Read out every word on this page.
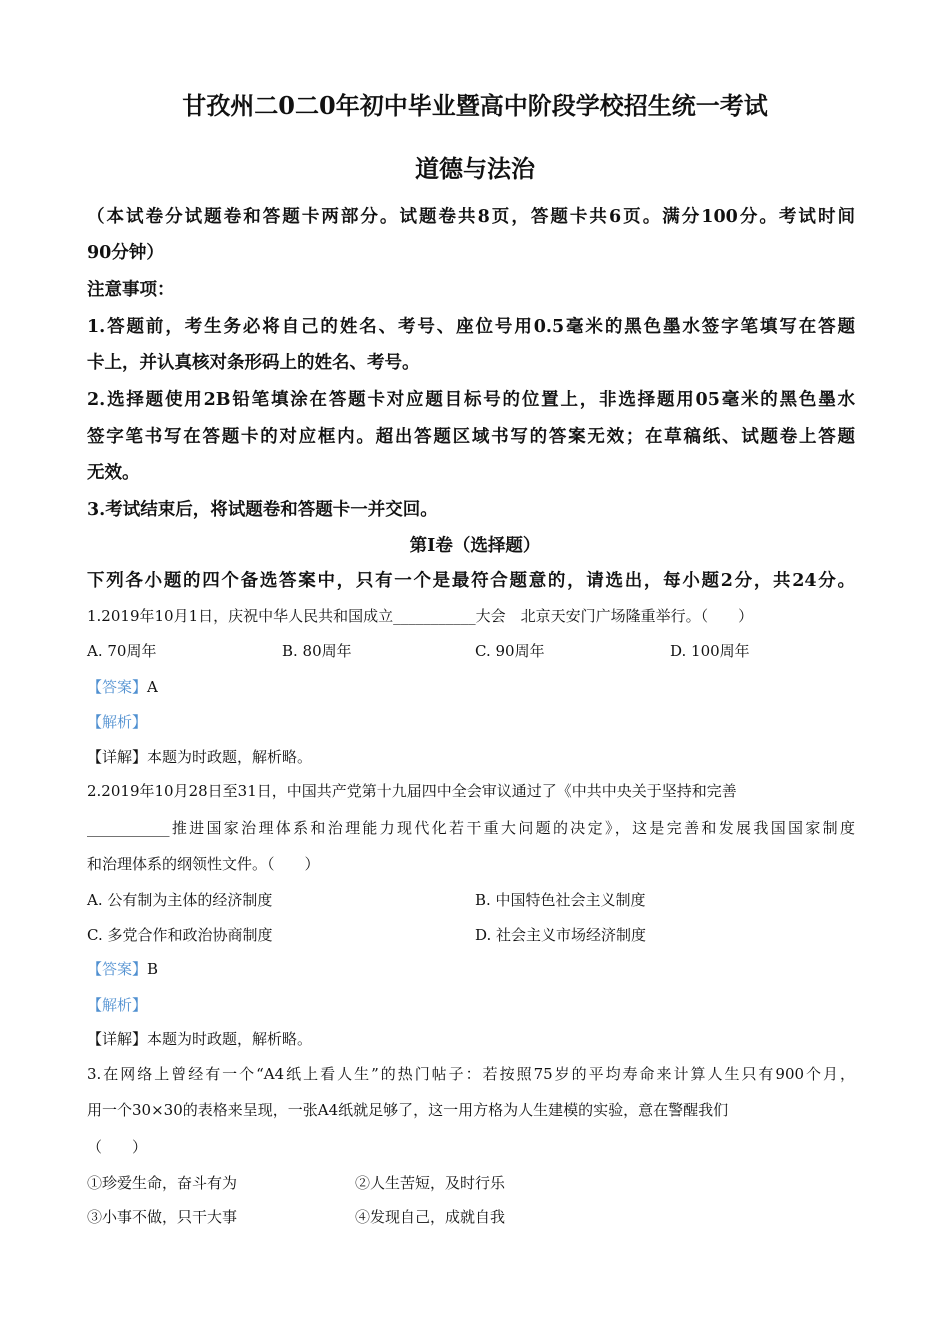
甘孜州二0二0年初中毕业暨高中阶段学校招生统一考试
道德与法治
（本试卷分试题卷和答题卡两部分。试题卷共8页，答题卡共6页。满分100分。考试时间
90分钟）
注意事项：
1.答题前，考生务必将自己的姓名、考号、座位号用0.5毫米的黑色墨水签字笔填写在答题
卡上，并认真核对条形码上的姓名、考号。
2.选择题使用2B铅笔填涂在答题卡对应题目标号的位置上，非选择题用05毫米的黑色墨水
签字笔书写在答题卡的对应框内。超出答题区域书写的答案无效；在草稿纸、试题卷上答题
无效。
3.考试结束后，将试题卷和答题卡一并交回。
第I卷（选择题）
下列各小题的四个备选答案中，只有一个是最符合题意的，请选出，每小题2分，共24分。
1.2019年10月1日，庆祝中华人民共和国成立___________大会　北京天安门广场隆重举行。（　　）
A. 70周年	B. 80周年	C. 90周年	D. 100周年
【答案】A
【解析】
【详解】本题为时政题，解析略。
2.2019年10月28日至31日，中国共产党第十九届四中全会审议通过了《中共中央关于坚持和完善
___________推进国家治理体系和治理能力现代化若干重大问题的决定》，这是完善和发展我国国家制度
和治理体系的纲领性文件。（　　）
A. 公有制为主体的经济制度	B. 中国特色社会主义制度
C. 多党合作和政治协商制度	D. 社会主义市场经济制度
【答案】B
【解析】
【详解】本题为时政题，解析略。
3.在网络上曾经有一个“A4纸上看人生”的热门帖子：若按照75岁的平均寿命来计算人生只有900个月，
用一个30×30的表格来呈现，一张A4纸就足够了，这一用方格为人生建模的实验，意在警醒我们
（　　）
①珍爱生命，奋斗有为	②人生苦短，及时行乐
③小事不做，只干大事	④发现自己，成就自我
